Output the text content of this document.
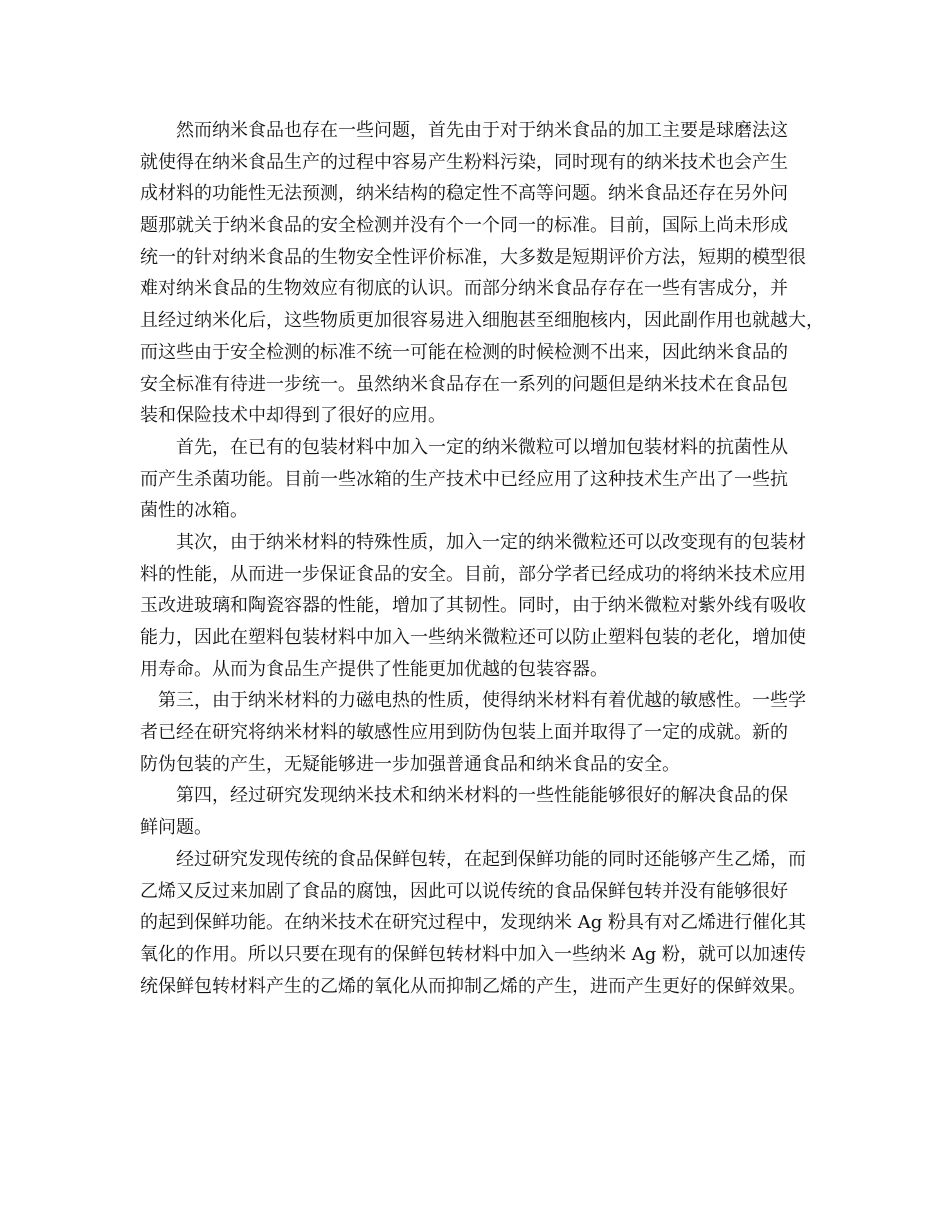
然而纳米食品也存在一些问题，首先由于对于纳米食品的加工主要是球磨法这
就使得在纳米食品生产的过程中容易产生粉料污染，同时现有的纳米技术也会产生
成材料的功能性无法预测，纳米结构的稳定性不高等问题。纳米食品还存在另外问
题那就关于纳米食品的安全检测并没有个一个同一的标准。目前，国际上尚未形成
统一的针对纳米食品的生物安全性评价标准，大多数是短期评价方法，短期的模型很
难对纳米食品的生物效应有彻底的认识。而部分纳米食品存存在一些有害成分，并
且经过纳米化后，这些物质更加很容易进入细胞甚至细胞核内，因此副作用也就越大，
而这些由于安全检测的标准不统一可能在检测的时候检测不出来，因此纳米食品的
安全标准有待进一步统一。虽然纳米食品存在一系列的问题但是纳米技术在食品包
装和保险技术中却得到了很好的应用。
首先，在已有的包装材料中加入一定的纳米微粒可以增加包装材料的抗菌性从
而产生杀菌功能。目前一些冰箱的生产技术中已经应用了这种技术生产出了一些抗
菌性的冰箱。
其次，由于纳米材料的特殊性质，加入一定的纳米微粒还可以改变现有的包装材
料的性能，从而进一步保证食品的安全。目前，部分学者已经成功的将纳米技术应用
玉改进玻璃和陶瓷容器的性能，增加了其韧性。同时，由于纳米微粒对紫外线有吸收
能力，因此在塑料包装材料中加入一些纳米微粒还可以防止塑料包装的老化，增加使
用寿命。从而为食品生产提供了性能更加优越的包装容器。
第三，由于纳米材料的力磁电热的性质，使得纳米材料有着优越的敏感性。一些学
者已经在研究将纳米材料的敏感性应用到防伪包装上面并取得了一定的成就。新的
防伪包装的产生，无疑能够进一步加强普通食品和纳米食品的安全。
第四，经过研究发现纳米技术和纳米材料的一些性能能够很好的解决食品的保
鲜问题。
经过研究发现传统的食品保鲜包转，在起到保鲜功能的同时还能够产生乙烯，而
乙烯又反过来加剧了食品的腐蚀，因此可以说传统的食品保鲜包转并没有能够很好
的起到保鲜功能。在纳米技术在研究过程中，发现纳米 Ag 粉具有对乙烯进行催化其
氧化的作用。所以只要在现有的保鲜包转材料中加入一些纳米 Ag 粉，就可以加速传
统保鲜包转材料产生的乙烯的氧化从而抑制乙烯的产生，进而产生更好的保鲜效果。
